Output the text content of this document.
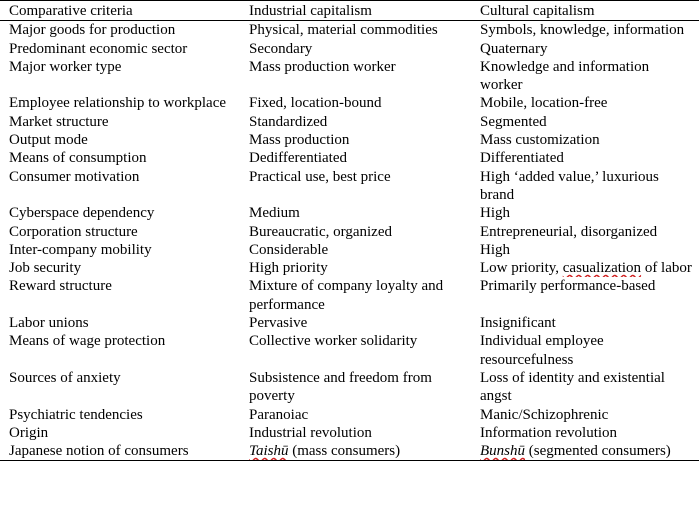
Comparative criteria	Industrial capitalism	Cultural capitalism
Major goods for production	Physical, material commodities	Symbols, knowledge, information
Predominant economic sector	Secondary	Quaternary
Major worker type	Mass production worker	Knowledge and information worker
Employee relationship to workplace	Fixed, location-bound	Mobile, location-free
Market structure	Standardized	Segmented
Output mode	Mass production	Mass customization
Means of consumption	Dedifferentiated	Differentiated
Consumer motivation	Practical use, best price	High ‘added value,’ luxurious brand
Cyberspace dependency	Medium	High
Corporation structure	Bureaucratic, organized	Entrepreneurial, disorganized
Inter-company mobility	Considerable	High
Job security	High priority	Low priority, casualization of labor
Reward structure	Mixture of company loyalty and performance	Primarily performance-based
Labor unions	Pervasive	Insignificant
Means of wage protection	Collective worker solidarity	Individual employee resourcefulness
Sources of anxiety	Subsistence and freedom from poverty	Loss of identity and existential angst
Psychiatric tendencies	Paranoiac	Manic/Schizophrenic
Origin	Industrial revolution	Information revolution
Japanese notion of consumers	Taishū (mass consumers)	Bunshū (segmented consumers)
